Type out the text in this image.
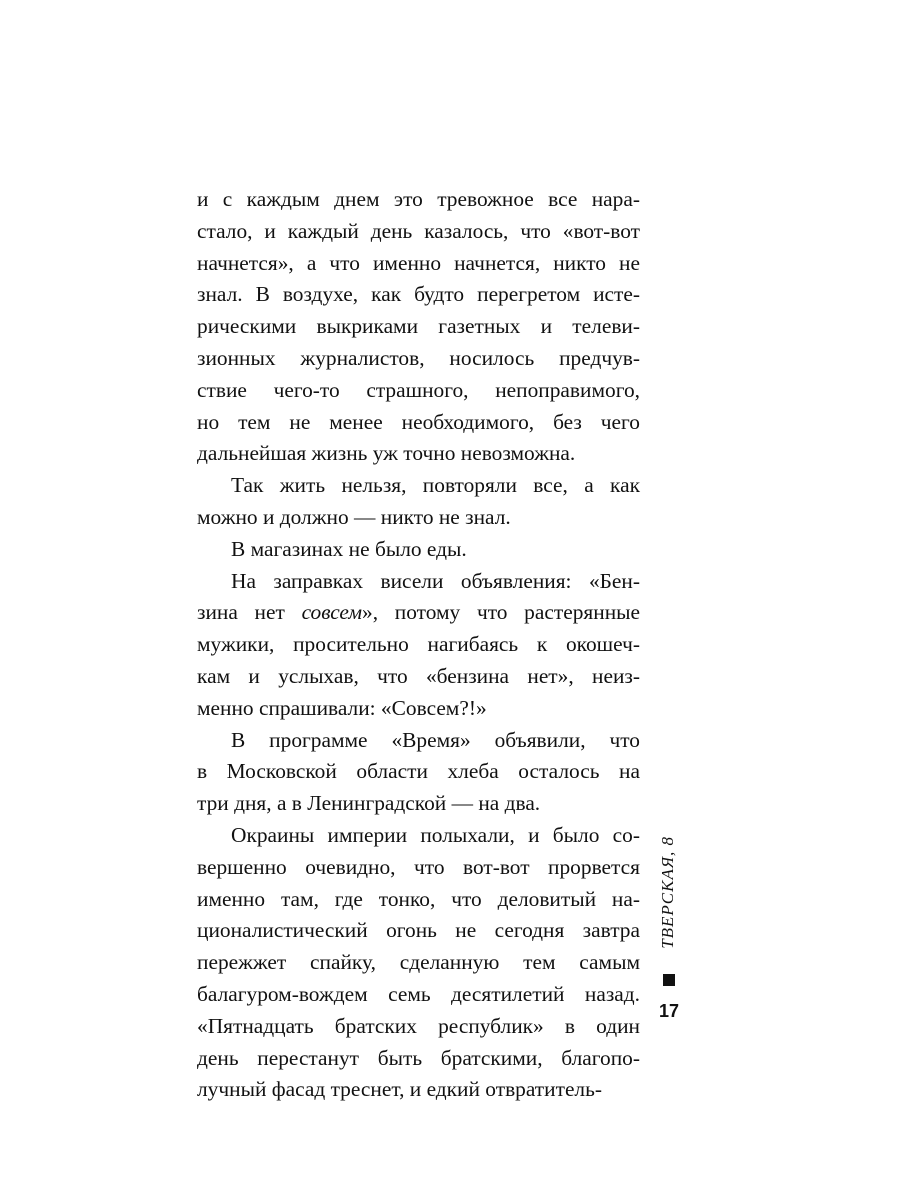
и с каждым днем это тревожное все нара-
стало, и каждый день казалось, что «вот-вот
начнется», а что именно начнется, никто не
знал. В воздухе, как будто перегретом исте-
рическими выкриками газетных и телеви-
зионных журналистов, носилось предчув-
ствие чего-то страшного, непоправимого,
но тем не менее необходимого, без чего
дальнейшая жизнь уж точно невозможна.
Так жить нельзя, повторяли все, а как
можно и должно — никто не знал.
В магазинах не было еды.
На заправках висели объявления: «Бен-
зина нет совсем», потому что растерянные
мужики, просительно нагибаясь к окошеч-
кам и услыхав, что «бензина нет», неиз-
менно спрашивали: «Совсем?!»
В программе «Время» объявили, что
в Московской области хлеба осталось на
три дня, а в Ленинградской — на два.
Окраины империи полыхали, и было со-
вершенно очевидно, что вот-вот прорвется
именно там, где тонко, что деловитый на-
ционалистический огонь не сегодня завтра
пережжет спайку, сделанную тем самым
балагуром-вождем семь десятилетий назад.
«Пятнадцать братских республик» в один
день перестанут быть братскими, благопо-
лучный фасад треснет, и едкий отвратитель-
ТВЕРСКАЯ, 8
17
